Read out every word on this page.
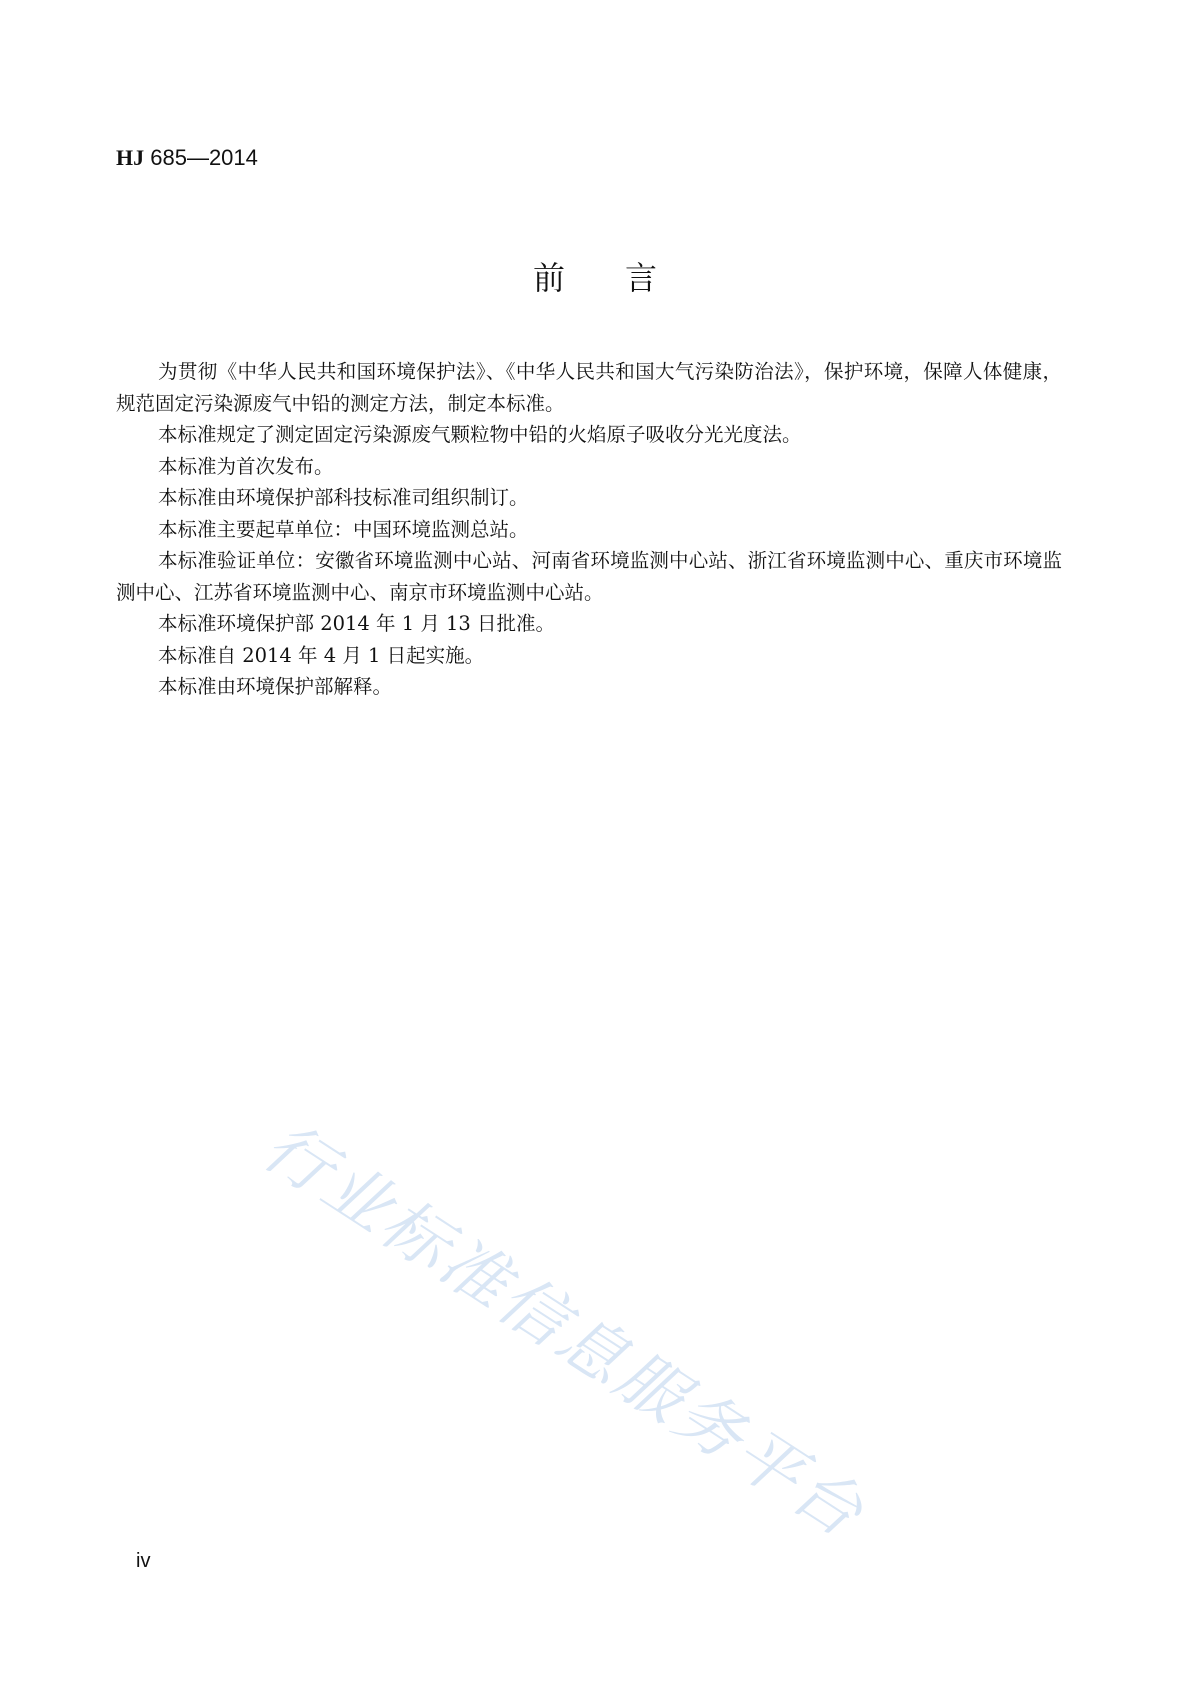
HJ 685—2014
前言

为贯彻《中华人民共和国环境保护法》、《中华人民共和国大气污染防治法》，保护环境，保障人体健康，规范固定污染源废气中铅的测定方法，制定本标准。

本标准规定了测定固定污染源废气颗粒物中铅的火焰原子吸收分光光度法。

本标准为首次发布。

本标准由环境保护部科技标准司组织制订。

本标准主要起草单位：中国环境监测总站。

本标准验证单位：安徽省环境监测中心站、河南省环境监测中心站、浙江省环境监测中心、重庆市环境监测中心、江苏省环境监测中心、南京市环境监测中心站。

本标准环境保护部 2014 年 1 月 13 日批准。

本标准自 2014 年 4 月 1 日起实施。

本标准由环境保护部解释。

行业标准信息服务平台
iv
